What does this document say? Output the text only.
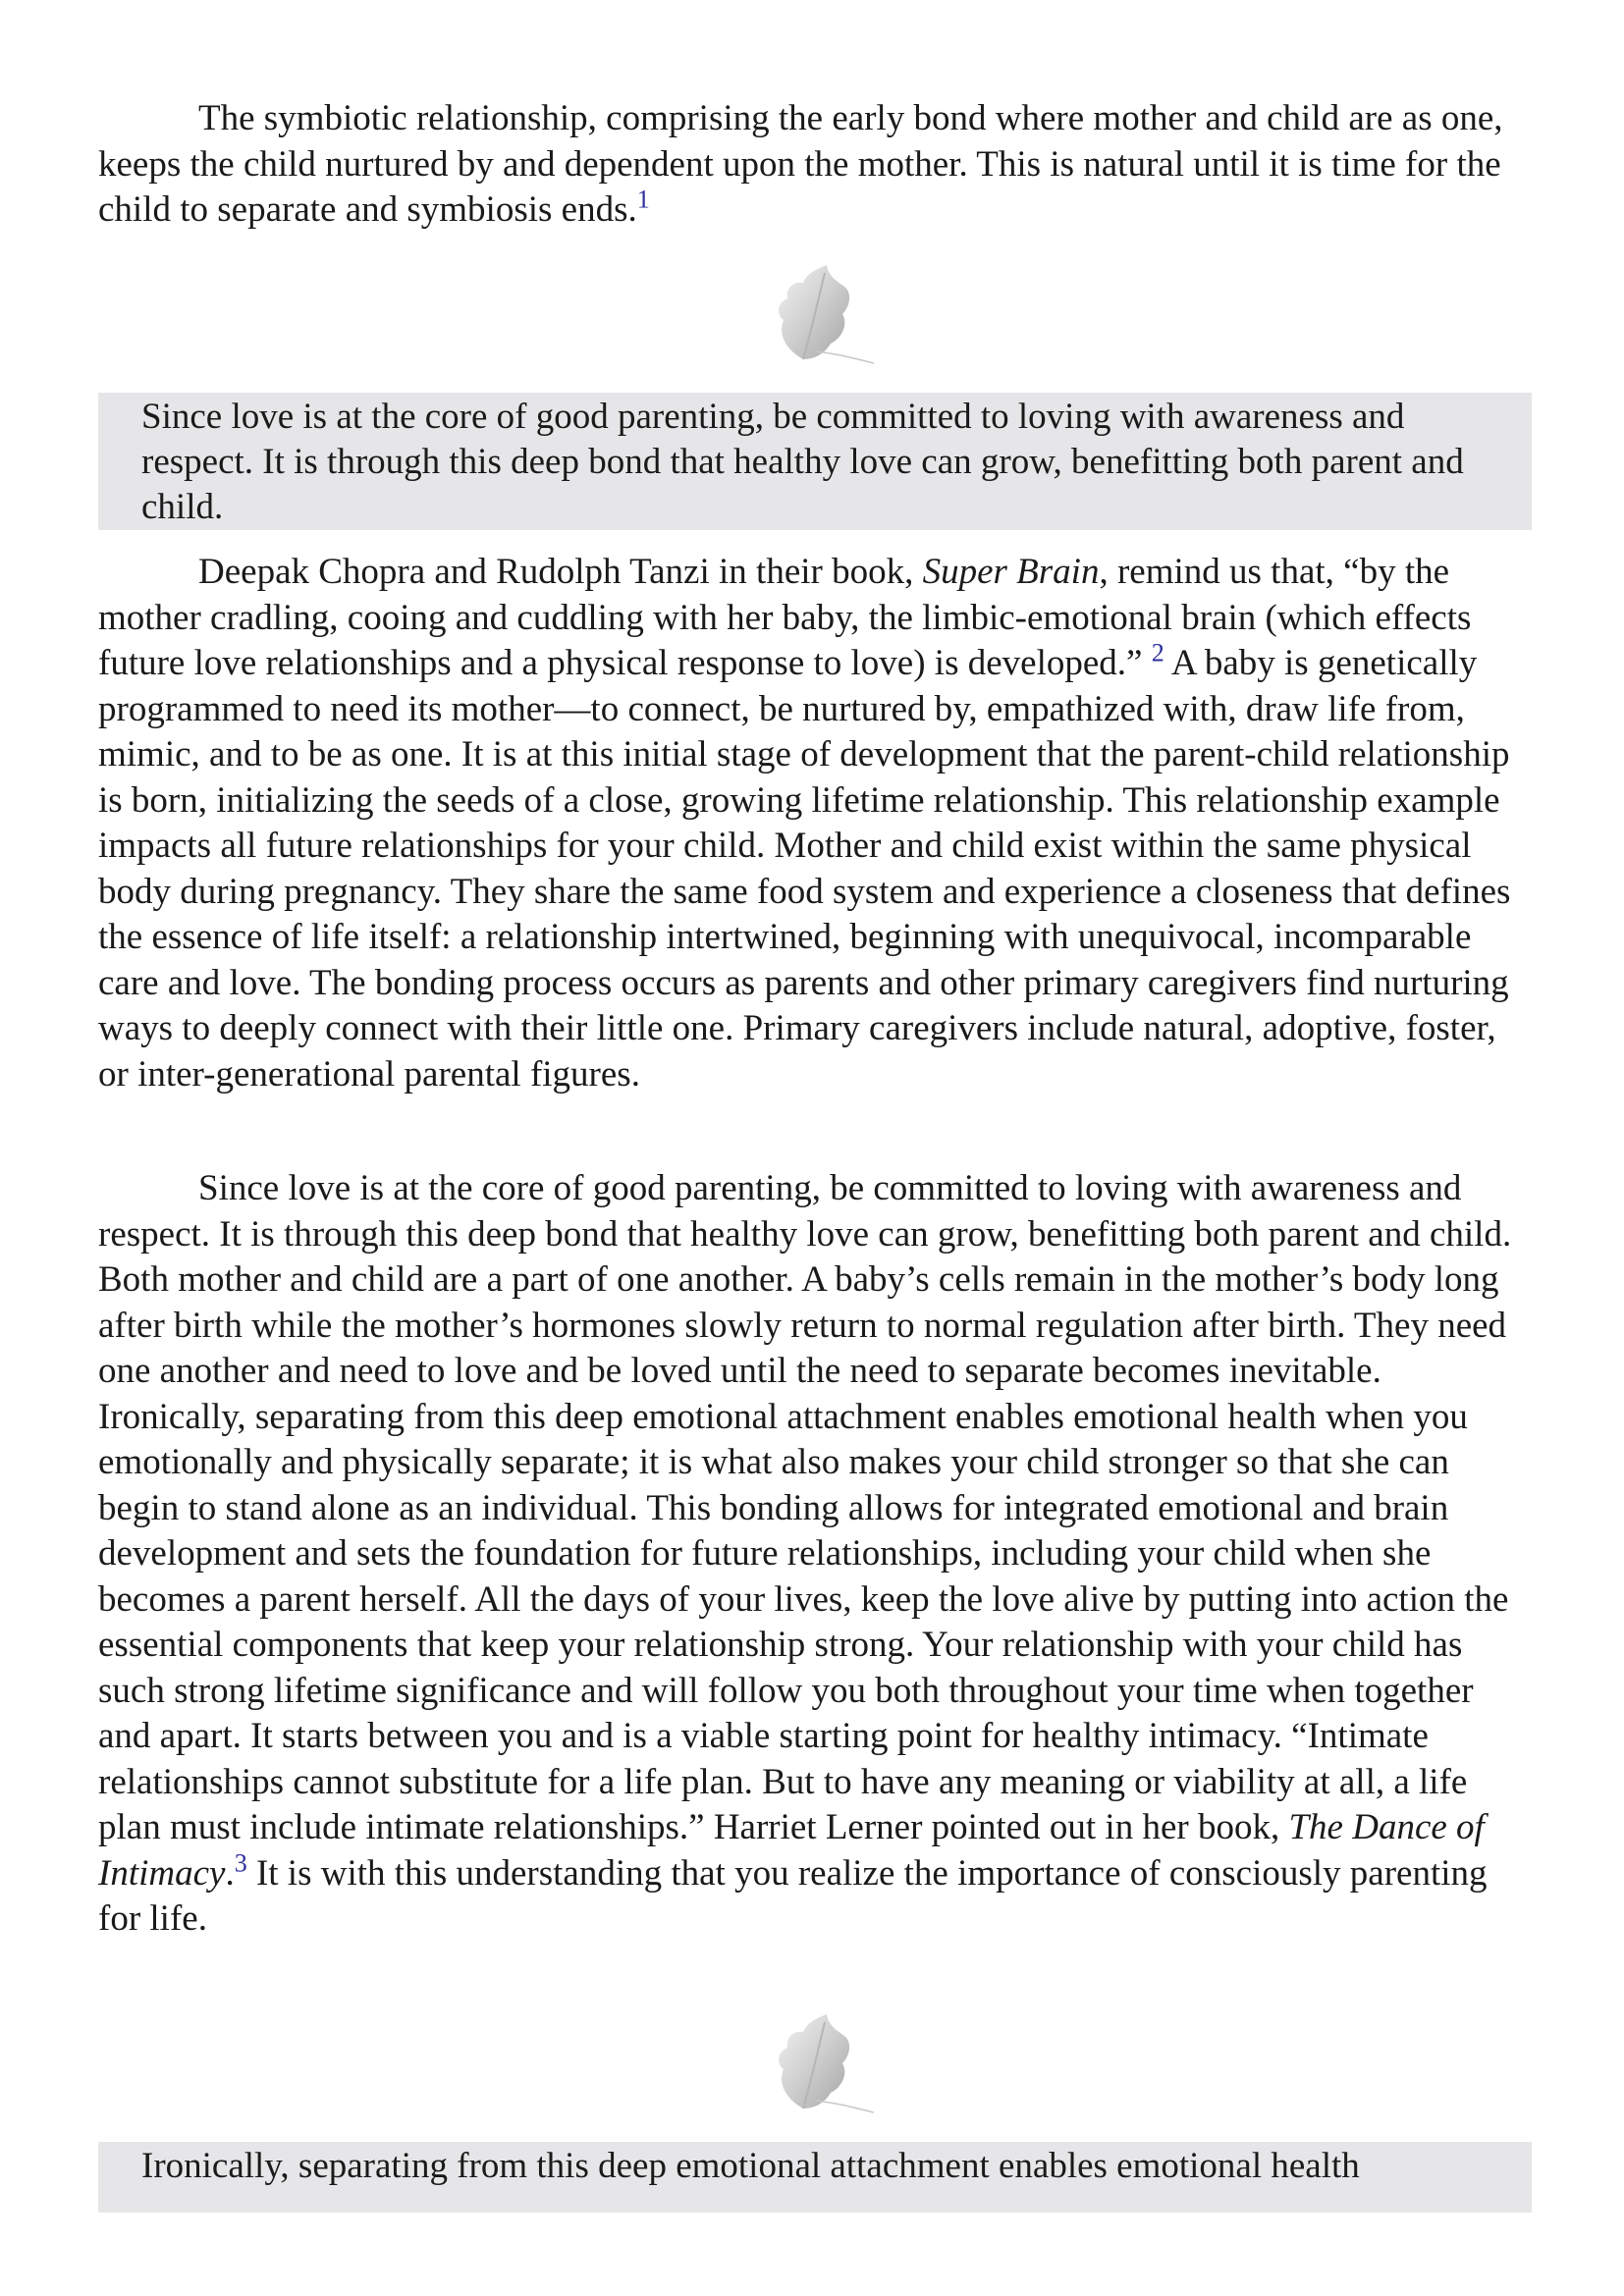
The symbiotic relationship, comprising the early bond where mother and child are as one, keeps the child nurtured by and dependent upon the mother. This is natural until it is time for the child to separate and symbiosis ends.$^1$

Since love is at the core of good parenting, be committed to loving with awareness and respect. It is through this deep bond that healthy love can grow, benefitting both parent and child.

Deepak Chopra and Rudolph Tanzi in their book, Super Brain, remind us that, “by the mother cradling, cooing and cuddling with her baby, the limbic-emotional brain (which effects future love relationships and a physical response to love) is developed.” $^2$ A baby is genetically programmed to need its mother—to connect, be nurtured by, empathized with, draw life from, mimic, and to be as one. It is at this initial stage of development that the parent-child relationship is born, initializing the seeds of a close, growing lifetime relationship. This relationship example impacts all future relationships for your child. Mother and child exist within the same physical body during pregnancy. They share the same food system and experience a closeness that defines the essence of life itself: a relationship intertwined, beginning with unequivocal, incomparable care and love. The bonding process occurs as parents and other primary caregivers find nurturing ways to deeply connect with their little one. Primary caregivers include natural, adoptive, foster, or inter-generational parental figures.

Since love is at the core of good parenting, be committed to loving with awareness and respect. It is through this deep bond that healthy love can grow, benefitting both parent and child. Both mother and child are a part of one another. A baby’s cells remain in the mother’s body long after birth while the mother’s hormones slowly return to normal regulation after birth. They need one another and need to love and be loved until the need to separate becomes inevitable. Ironically, separating from this deep emotional attachment enables emotional health when you emotionally and physically separate; it is what also makes your child stronger so that she can begin to stand alone as an individual. This bonding allows for integrated emotional and brain development and sets the foundation for future relationships, including your child when she becomes a parent herself. All the days of your lives, keep the love alive by putting into action the essential components that keep your relationship strong. Your relationship with your child has such strong lifetime significance and will follow you both throughout your time when together and apart. It starts between you and is a viable starting point for healthy intimacy. “Intimate relationships cannot substitute for a life plan. But to have any meaning or viability at all, a life plan must include intimate relationships.” Harriet Lerner pointed out in her book, The Dance of Intimacy.$^3$ It is with this understanding that you realize the importance of consciously parenting for life.

Ironically, separating from this deep emotional attachment enables emotional health
